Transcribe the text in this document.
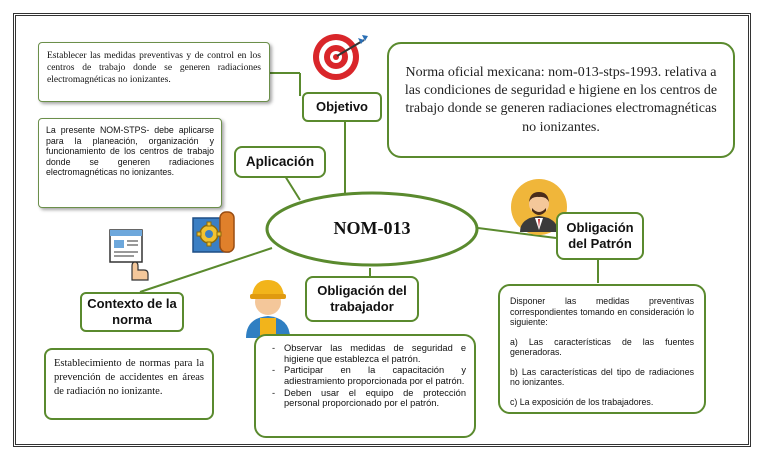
NOM-013
Norma oficial mexicana: nom-013-stps-1993. relativa a las condiciones de seguridad e higiene en los centros de trabajo donde se generen radiaciones electromagnéticas no ionizantes.
Establecer las medidas preventivas y de control en los centros de trabajo donde se generen radiaciones electromagnéticas no ionizantes.
Objetivo
La presente NOM-STPS- debe aplicarse para la planeación, organización y funcionamiento de los centros de trabajo donde se generen radiaciones electromagnéticas no ionizantes.
Aplicación
Contexto de la norma
Establecimiento de normas para la prevención de accidentes en áreas de radiación no ionizante.
Obligación del trabajador
- Observar las medidas de seguridad e higiene que establezca el patrón.
- Participar en la capacitación y adiestramiento proporcionada por el patrón.
- Deben usar el equipo de protección personal proporcionado por el patrón.
Obligación del Patrón
Disponer las medidas preventivas correspondientes tomando en consideración lo siguiente:
a) Las características de las fuentes generadoras.
b) Las características del tipo de radiaciones no ionizantes.
c) La exposición de los trabajadores.
